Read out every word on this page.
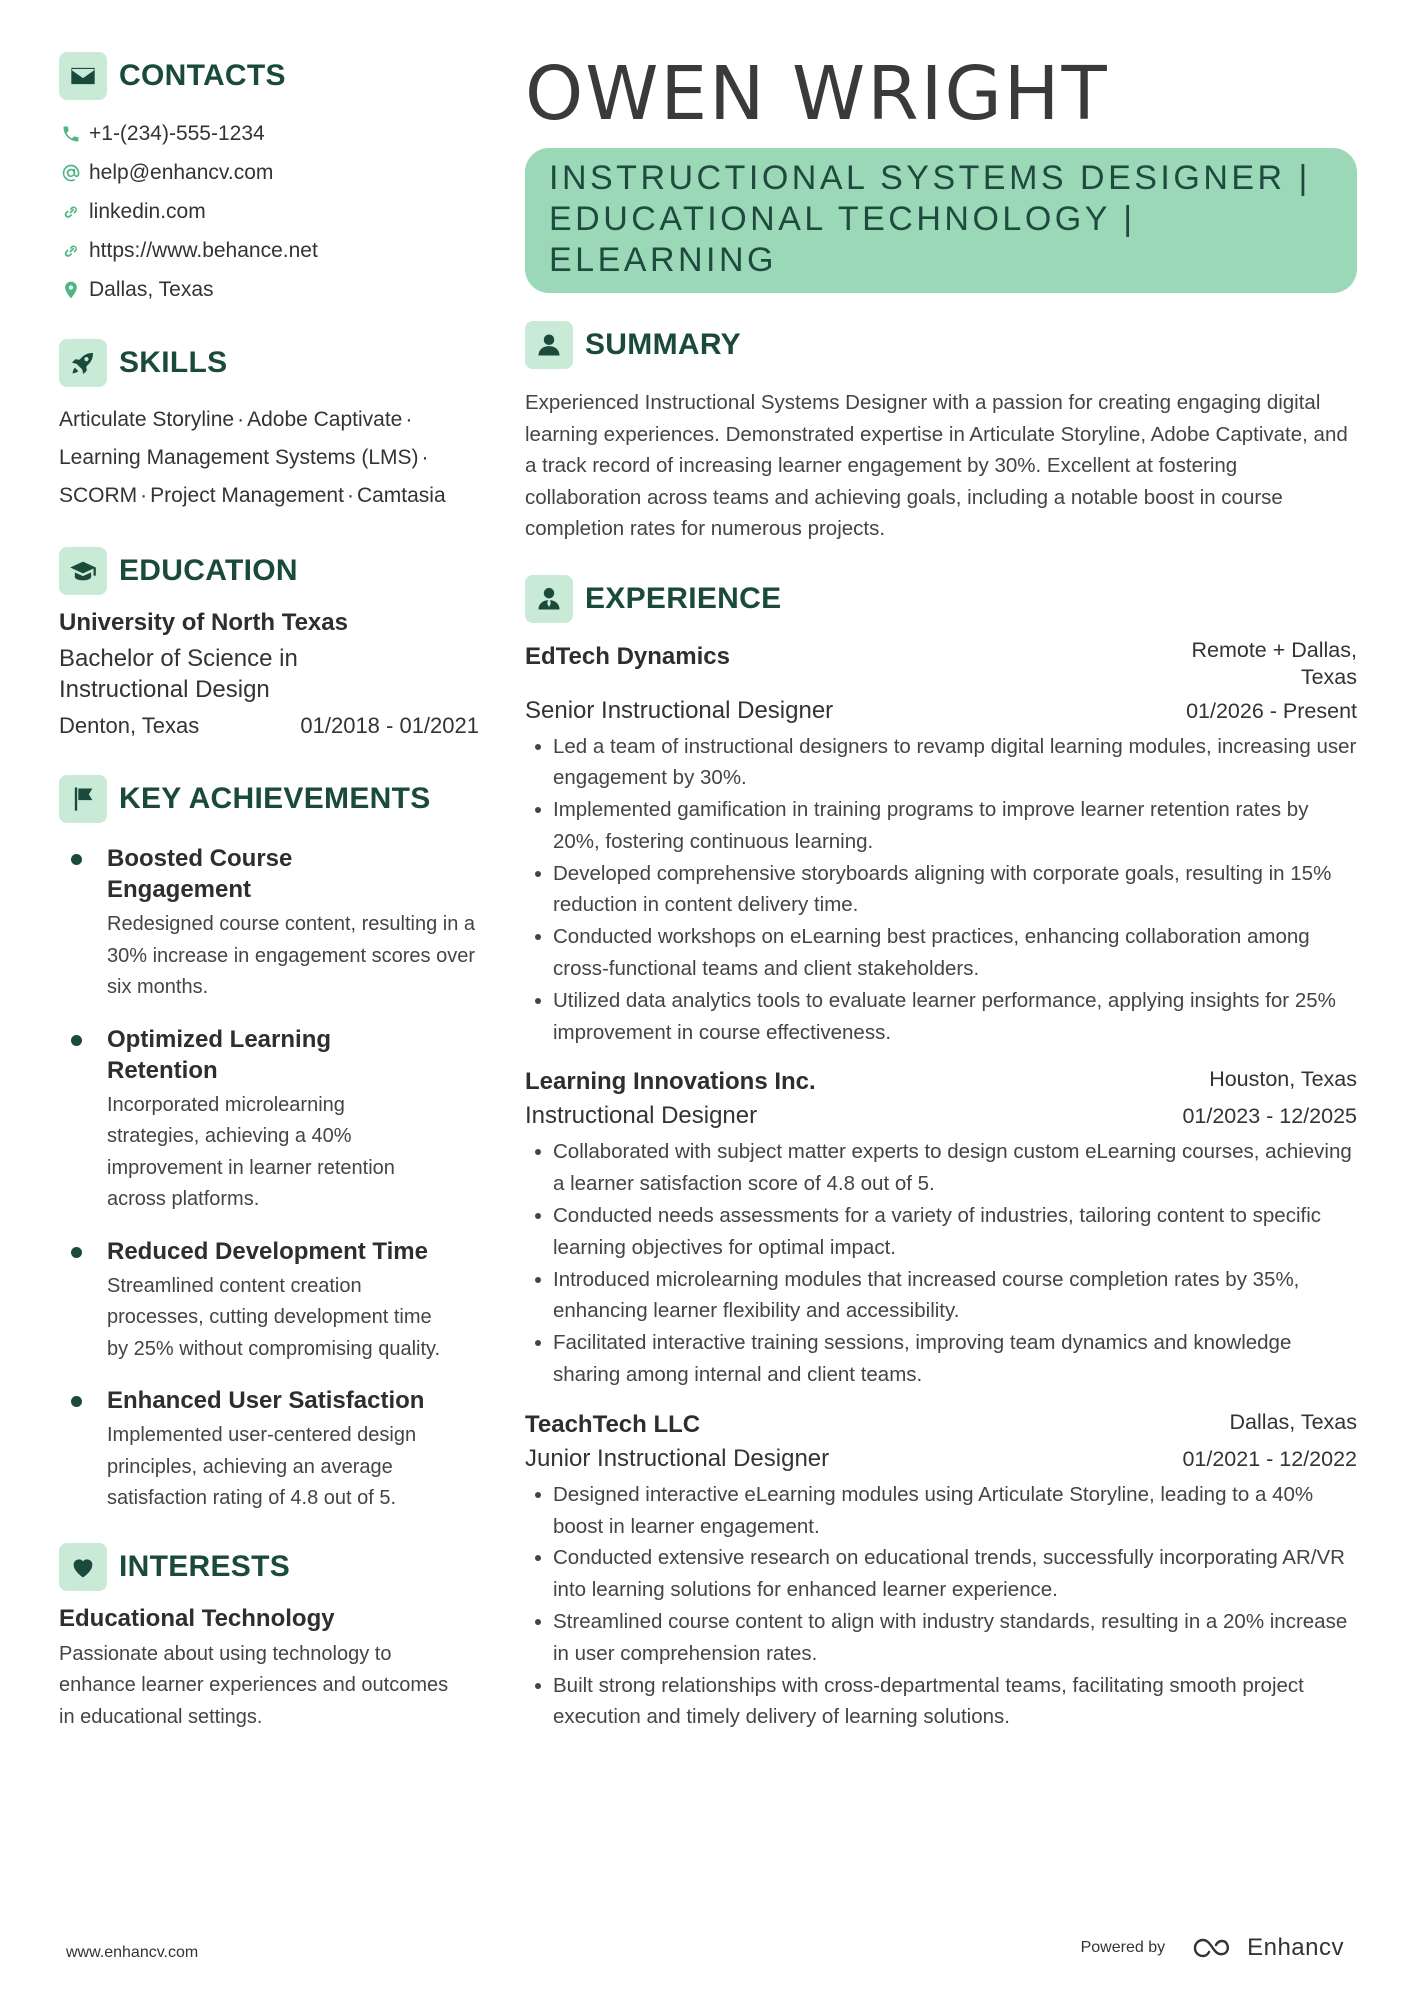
CONTACTS
+1-(234)-555-1234
help@enhancv.com
linkedin.com
https://www.behance.net
Dallas, Texas
SKILLS
Articulate Storyline · Adobe Captivate ·
Learning Management Systems (LMS) ·
SCORM · Project Management · Camtasia
EDUCATION
University of North Texas
Bachelor of Science in Instructional Design
Denton, Texas	01/2018 - 01/2021
KEY ACHIEVEMENTS
Boosted Course Engagement
Redesigned course content, resulting in a 30% increase in engagement scores over six months.
Optimized Learning Retention
Incorporated microlearning strategies, achieving a 40% improvement in learner retention across platforms.
Reduced Development Time
Streamlined content creation processes, cutting development time by 25% without compromising quality.
Enhanced User Satisfaction
Implemented user-centered design principles, achieving an average satisfaction rating of 4.8 out of 5.
INTERESTS
Educational Technology
Passionate about using technology to enhance learner experiences and outcomes in educational settings.
OWEN WRIGHT
INSTRUCTIONAL SYSTEMS DESIGNER | EDUCATIONAL TECHNOLOGY | ELEARNING
SUMMARY
Experienced Instructional Systems Designer with a passion for creating engaging digital learning experiences. Demonstrated expertise in Articulate Storyline, Adobe Captivate, and a track record of increasing learner engagement by 30%. Excellent at fostering collaboration across teams and achieving goals, including a notable boost in course completion rates for numerous projects.
EXPERIENCE
EdTech Dynamics	Remote + Dallas, Texas
Senior Instructional Designer	01/2026 - Present
Led a team of instructional designers to revamp digital learning modules, increasing user engagement by 30%.
Implemented gamification in training programs to improve learner retention rates by 20%, fostering continuous learning.
Developed comprehensive storyboards aligning with corporate goals, resulting in 15% reduction in content delivery time.
Conducted workshops on eLearning best practices, enhancing collaboration among cross-functional teams and client stakeholders.
Utilized data analytics tools to evaluate learner performance, applying insights for 25% improvement in course effectiveness.
Learning Innovations Inc.	Houston, Texas
Instructional Designer	01/2023 - 12/2025
Collaborated with subject matter experts to design custom eLearning courses, achieving a learner satisfaction score of 4.8 out of 5.
Conducted needs assessments for a variety of industries, tailoring content to specific learning objectives for optimal impact.
Introduced microlearning modules that increased course completion rates by 35%, enhancing learner flexibility and accessibility.
Facilitated interactive training sessions, improving team dynamics and knowledge sharing among internal and client teams.
TeachTech LLC	Dallas, Texas
Junior Instructional Designer	01/2021 - 12/2022
Designed interactive eLearning modules using Articulate Storyline, leading to a 40% boost in learner engagement.
Conducted extensive research on educational trends, successfully incorporating AR/VR into learning solutions for enhanced learner experience.
Streamlined course content to align with industry standards, resulting in a 20% increase in user comprehension rates.
Built strong relationships with cross-departmental teams, facilitating smooth project execution and timely delivery of learning solutions.
www.enhancv.com	Powered by	Enhancv
